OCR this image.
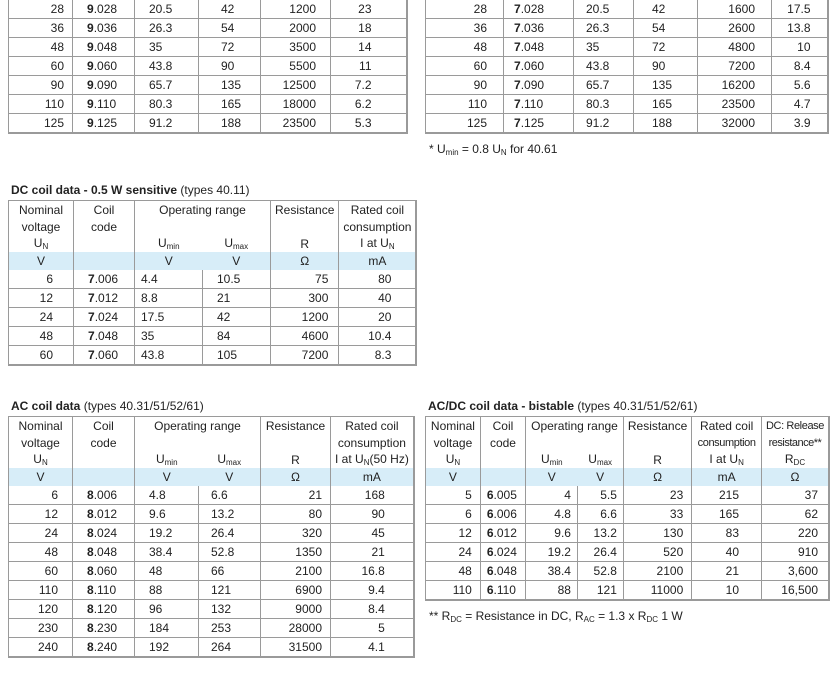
28	9.028	20.5	42	1200	23
36	9.036	26.3	54	2000	18
48	9.048	35	72	3500	14
60	9.060	43.8	90	5500	11
90	9.090	65.7	135	12500	7.2
110	9.110	80.3	165	18000	6.2
125	9.125	91.2	188	23500	5.3
28	7.028	20.5	42	1600	17.5
36	7.036	26.3	54	2600	13.8
48	7.048	35	72	4800	10
60	7.060	43.8	90	7200	8.4
90	7.090	65.7	135	16200	5.6
110	7.110	80.3	165	23500	4.7
125	7.125	91.2	188	32000	3.9
* $U_{min} = 0.8$ $U_N$ for 40.61
DC coil data - 0.5 W sensitive (types 40.11)
Nominal	Coil	Operating range		Resistance	Rated coil
voltage	code				consumption
$U_N$		$U_{min}$	$U_{max}$	R	I at $U_N$
V		V	V	Ω	mA
6	7.006	4.4	10.5	75	80
12	7.012	8.8	21	300	40
24	7.024	17.5	42	1200	20
48	7.048	35	84	4600	10.4
60	7.060	43.8	105	7200	8.3
AC coil data (types 40.31/51/52/61)
Nominal	Coil	Operating range		Resistance	Rated coil
voltage	code				consumption
$U_N$		$U_{min}$	$U_{max}$	R	I at $U_N(50$ Hz)
V		V	V	Ω	mA
6	8.006	4.8	6.6	21	168
12	8.012	9.6	13.2	80	90
24	8.024	19.2	26.4	320	45
48	8.048	38.4	52.8	1350	21
60	8.060	48	66	2100	16.8
110	8.110	88	121	6900	9.4
120	8.120	96	132	9000	8.4
230	8.230	184	253	28000	5
240	8.240	192	264	31500	4.1
AC/DC coil data - bistable (types 40.31/51/52/61)
Nominal	Coil	Operating range		Resistance	Rated coil	DC: Release
voltage	code				consumption	resistance**
$U_N$		$U_{min}$	$U_{max}$	R	I at $U_N$	$R_{DC}$
V		V	V	Ω	mA	Ω
5	6.005	4	5.5	23	215	37
6	6.006	4.8	6.6	33	165	62
12	6.012	9.6	13.2	130	83	220
24	6.024	19.2	26.4	520	40	910
48	6.048	38.4	52.8	2100	21	3,600
110	6.110	88	121	11000	10	16,500
** $R_{DC}$ = Resistance in DC, $R_{AC} = 1.3$ x $R_{DC}$ 1 W
